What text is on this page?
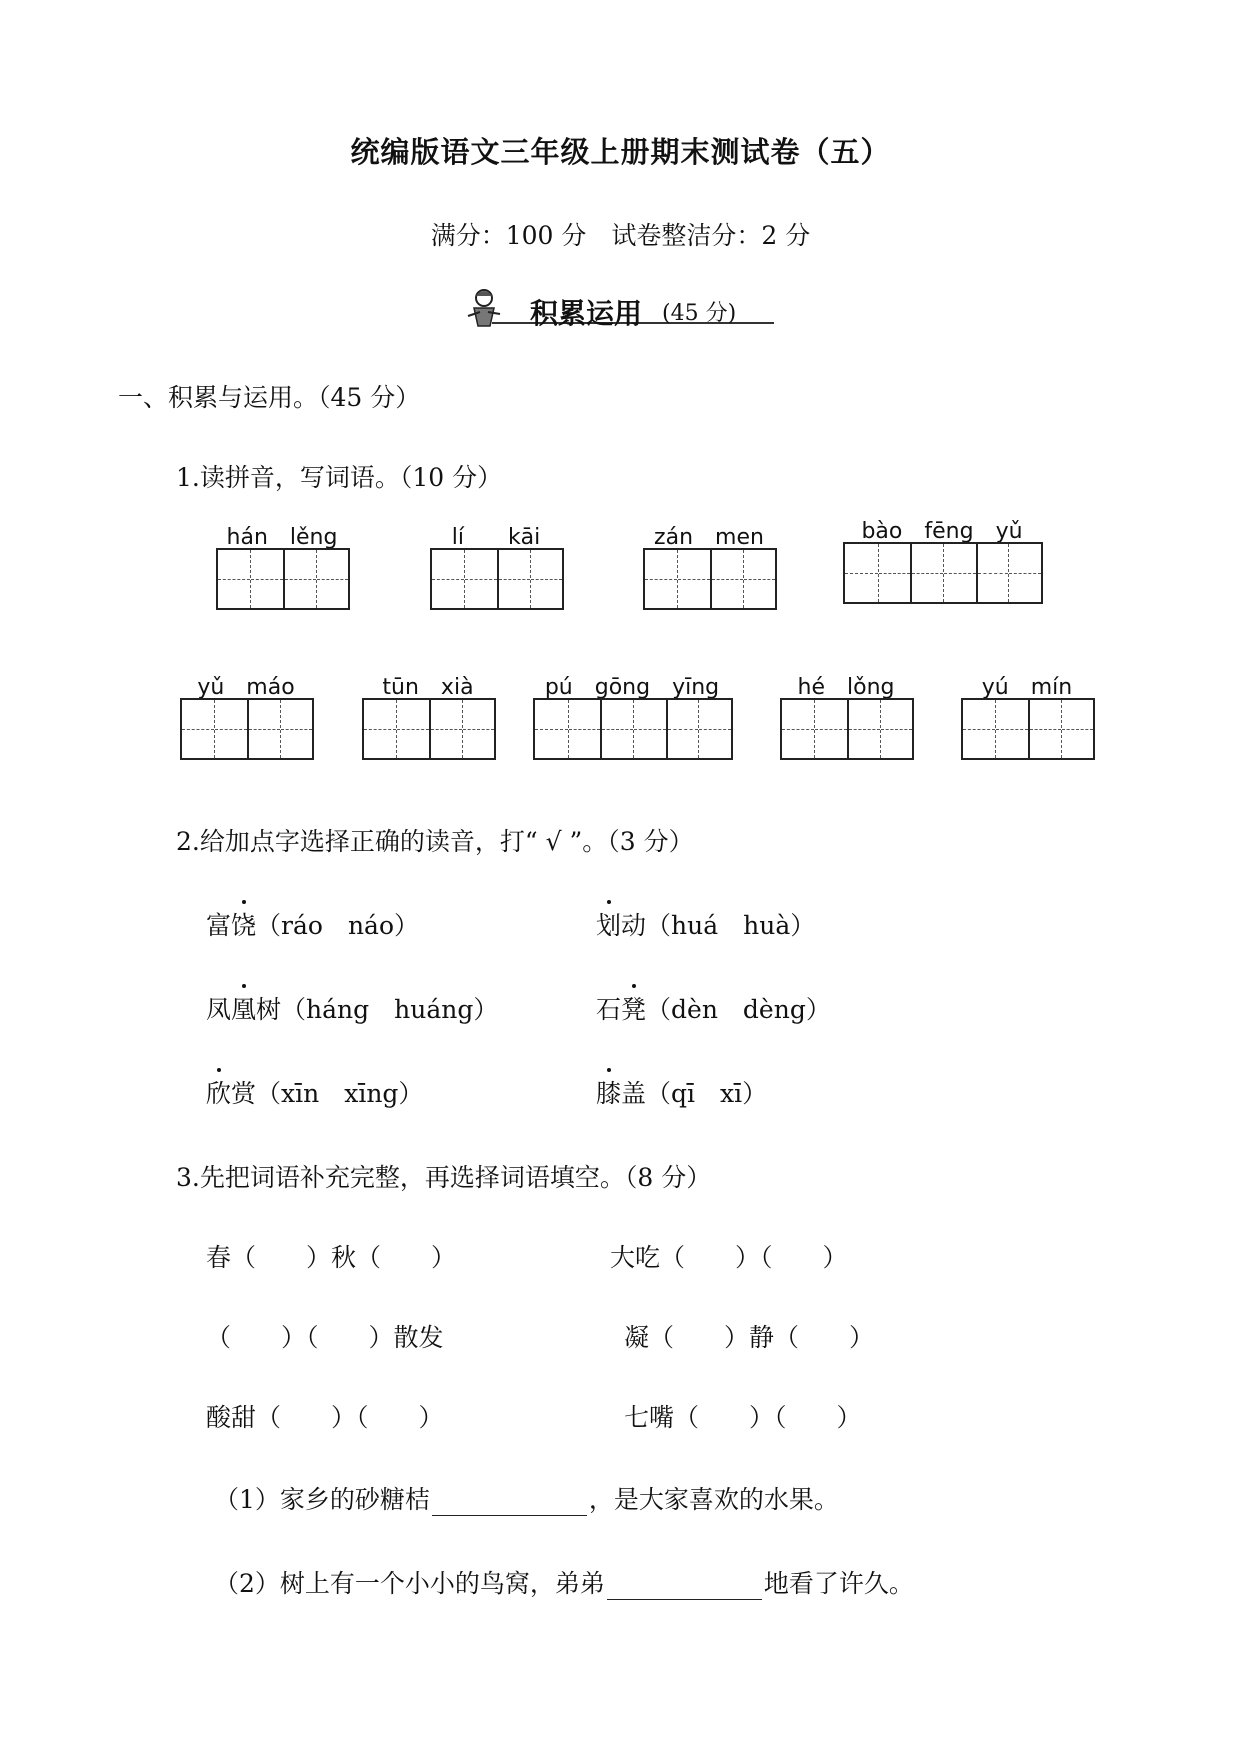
统编版语文三年级上册期末测试卷（五）
满分：100 分　试卷整洁分：2 分
积累运用 (45 分)
一、积累与运用。（45 分）
1.读拼音，写词语。（10 分）
hán　lěng	lí　　kāi	zán　men	bào　fēng　yǔ
yǔ　máo	tūn　xià	pú　gōng　yīng	hé　lǒng	yú　mín
2.给加点字选择正确的读音，打“ √ ”。（3 分）
富饶（ráo　náo）	划动（huá　huà）
凤凰树（háng　huáng）	石凳（dèn　dèng）
欣赏（xīn　xīng）	膝盖（qī　xī）
3.先把词语补充完整，再选择词语填空。（8 分）
春（　　）秋（　　）	大吃（　　）（　　）
（　　）（　　）散发	凝（　　）静（　　）
酸甜（　　）（　　）	七嘴（　　）（　　）
（1）家乡的砂糖桔	，是大家喜欢的水果。
（2）树上有一个小小的鸟窝，弟弟	地看了许久。
